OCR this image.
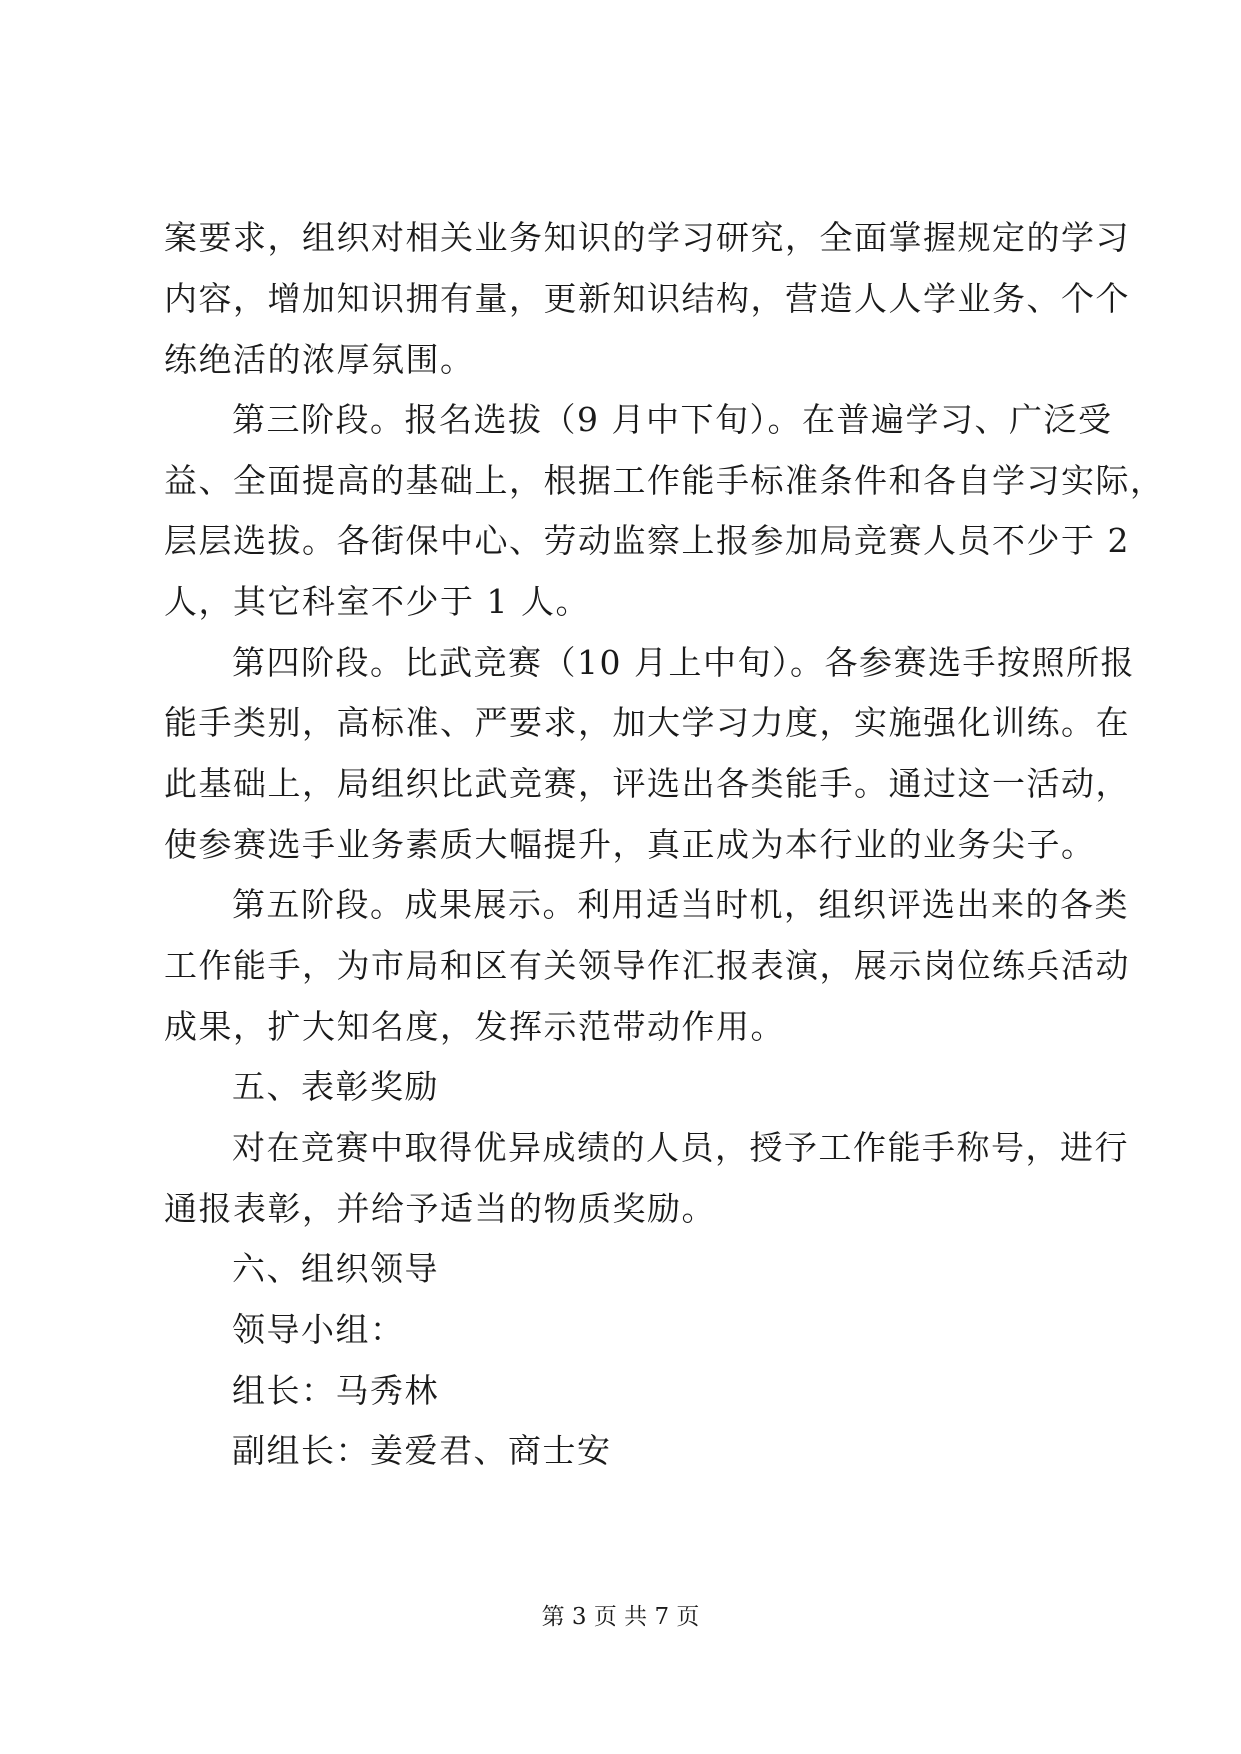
案要求，组织对相关业务知识的学习研究，全面掌握规定的学习
内容，增加知识拥有量，更新知识结构，营造人人学业务、个个
练绝活的浓厚氛围。
第三阶段。报名选拔（9 月中下旬）。在普遍学习、广泛受
益、全面提高的基础上，根据工作能手标准条件和各自学习实际，
层层选拔。各街保中心、劳动监察上报参加局竞赛人员不少于 2
人，其它科室不少于 1 人。
第四阶段。比武竞赛（10 月上中旬）。各参赛选手按照所报
能手类别，高标准、严要求，加大学习力度，实施强化训练。在
此基础上，局组织比武竞赛，评选出各类能手。通过这一活动，
使参赛选手业务素质大幅提升，真正成为本行业的业务尖子。
第五阶段。成果展示。利用适当时机，组织评选出来的各类
工作能手，为市局和区有关领导作汇报表演，展示岗位练兵活动
成果，扩大知名度，发挥示范带动作用。
五、表彰奖励
对在竞赛中取得优异成绩的人员，授予工作能手称号，进行
通报表彰，并给予适当的物质奖励。
六、组织领导
领导小组：
组长：马秀林
副组长：姜爱君、商士安
第 3 页 共 7 页
